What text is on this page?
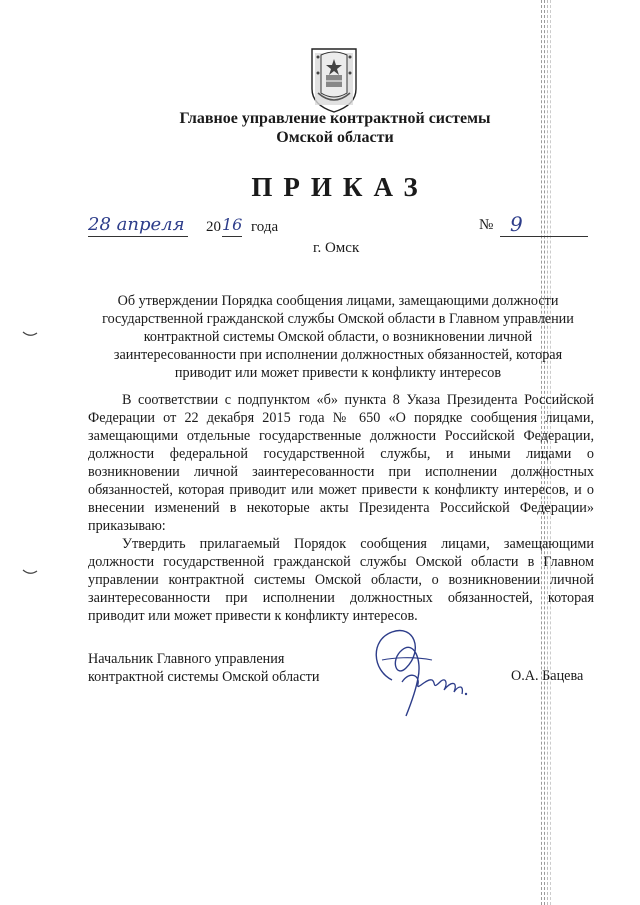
Главное управление контрактной системы
Омской области
ПРИКАЗ
28 апреля 20 16 года	№ 9
г. Омск
Об утверждении Порядка сообщения лицами, замещающими должности государственной гражданской службы Омской области в Главном управлении контрактной системы Омской области, о возникновении личной заинтересованности при исполнении должностных обязанностей, которая приводит или может привести к конфликту интересов

В соответствии с подпунктом «б» пункта 8 Указа Президента Российской Федерации от 22 декабря 2015 года № 650 «О порядке сообщения лицами, замещающими отдельные государственные должности Российской Федерации, должности федеральной государственной службы, и иными лицами о возникновении личной заинтересованности при исполнении должностных обязанностей, которая приводит или может привести к конфликту интересов, и о внесении изменений в некоторые акты Президента Российской Федерации» приказываю:

Утвердить прилагаемый Порядок сообщения лицами, замещающими должности государственной гражданской службы Омской области в Главном управлении контрактной системы Омской области, о возникновении личной заинтересованности при исполнении должностных обязанностей, которая приводит или может привести к конфликту интересов.

Начальник Главного управления
контрактной системы Омской области	О.А. Бацева
